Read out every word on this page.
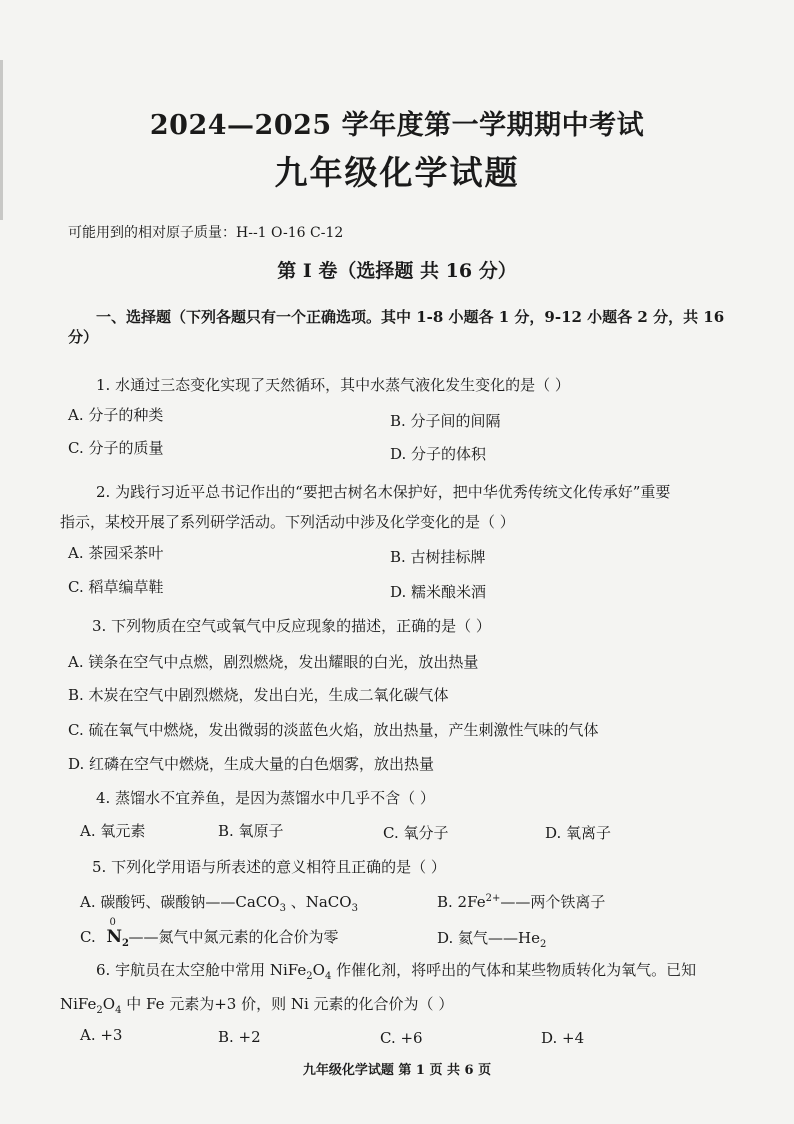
2024—2025 学年度第一学期期中考试
九年级化学试题
可能用到的相对原子质量：H--1 O-16 C-12
第 Ⅰ 卷（选择题 共 16 分）
一、选择题（下列各题只有一个正确选项。其中 1-8 小题各 1 分，9-12 小题各 2 分，共 16
分）
1. 水通过三态变化实现了天然循环，其中水蒸气液化发生变化的是（ ）
A. 分子的种类	B. 分子间的间隔
C. 分子的质量	D. 分子的体积
2. 为践行习近平总书记作出的“要把古树名木保护好，把中华优秀传统文化传承好”重要
指示，某校开展了系列研学活动。下列活动中涉及化学变化的是（ ）
A. 茶园采茶叶	B. 古树挂标牌
C. 稻草编草鞋	D. 糯米酿米酒
3. 下列物质在空气或氧气中反应现象的描述，正确的是（ ）
A. 镁条在空气中点燃，剧烈燃烧，发出耀眼的白光，放出热量
B. 木炭在空气中剧烈燃烧，发出白光，生成二氧化碳气体
C. 硫在氧气中燃烧，发出微弱的淡蓝色火焰，放出热量，产生刺激性气味的气体
D. 红磷在空气中燃烧，生成大量的白色烟雾，放出热量
4. 蒸馏水不宜养鱼，是因为蒸馏水中几乎不含（ ）
A. 氧元素	B. 氧原子	C. 氧分子	D. 氧离子
5. 下列化学用语与所表述的意义相符且正确的是（ ）
A. 碳酸钙、碳酸钠——CaCO$_3$ 、NaCO$_3$	B. $2Fe^{2+}——$两个铁离子
C.
0
$N_2——$氮气中氮元素的化合价为零	D. 氦气$——He_2$
6. 宇航员在太空舱中常用 $NiFe_2O_4$ 作催化剂，将呼出的气体和某些物质转化为氧气。已知
$NiFe_2O_4$ 中 Fe 元素为+3 价，则 Ni 元素的化合价为（ ）
A. +3	B. +2	C. +6	D. +4
九年级化学试题 第 1 页 共 6 页
